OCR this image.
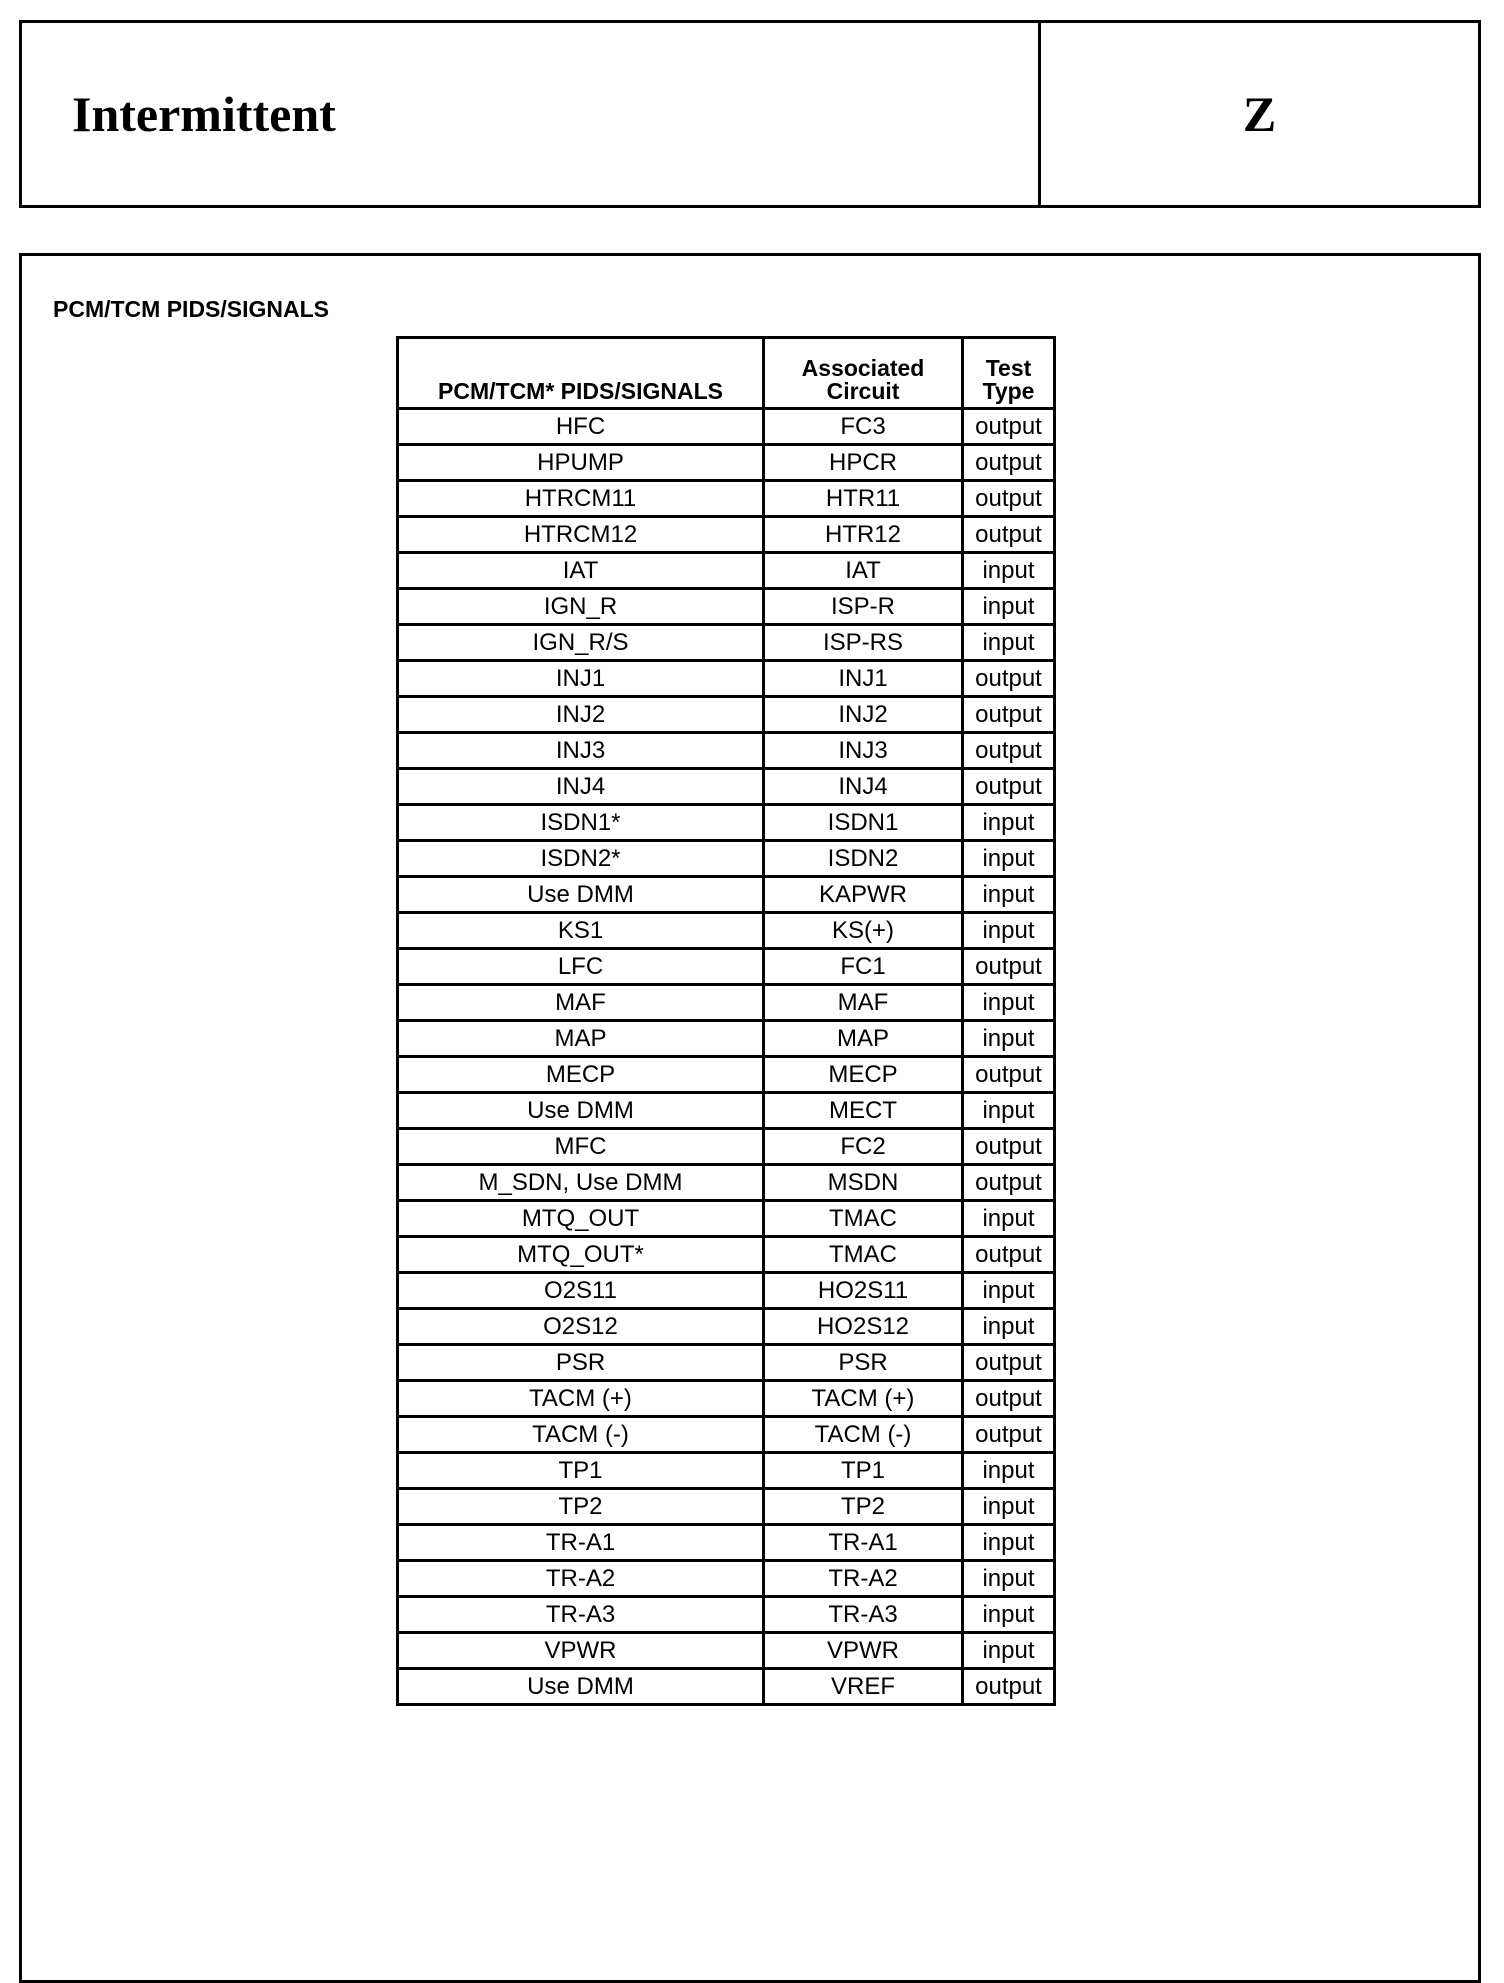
Intermittent	Z
PCM/TCM PIDS/SIGNALS
PCM/TCM* PIDS/SIGNALS	Associated Circuit	Test Type
HFC	FC3	output
HPUMP	HPCR	output
HTRCM11	HTR11	output
HTRCM12	HTR12	output
IAT	IAT	input
IGN_R	ISP-R	input
IGN_R/S	ISP-RS	input
INJ1	INJ1	output
INJ2	INJ2	output
INJ3	INJ3	output
INJ4	INJ4	output
ISDN1*	ISDN1	input
ISDN2*	ISDN2	input
Use DMM	KAPWR	input
KS1	KS(+)	input
LFC	FC1	output
MAF	MAF	input
MAP	MAP	input
MECP	MECP	output
Use DMM	MECT	input
MFC	FC2	output
M_SDN, Use DMM	MSDN	output
MTQ_OUT	TMAC	input
MTQ_OUT*	TMAC	output
O2S11	HO2S11	input
O2S12	HO2S12	input
PSR	PSR	output
TACM (+)	TACM (+)	output
TACM (-)	TACM (-)	output
TP1	TP1	input
TP2	TP2	input
TR-A1	TR-A1	input
TR-A2	TR-A2	input
TR-A3	TR-A3	input
VPWR	VPWR	input
Use DMM	VREF	output
